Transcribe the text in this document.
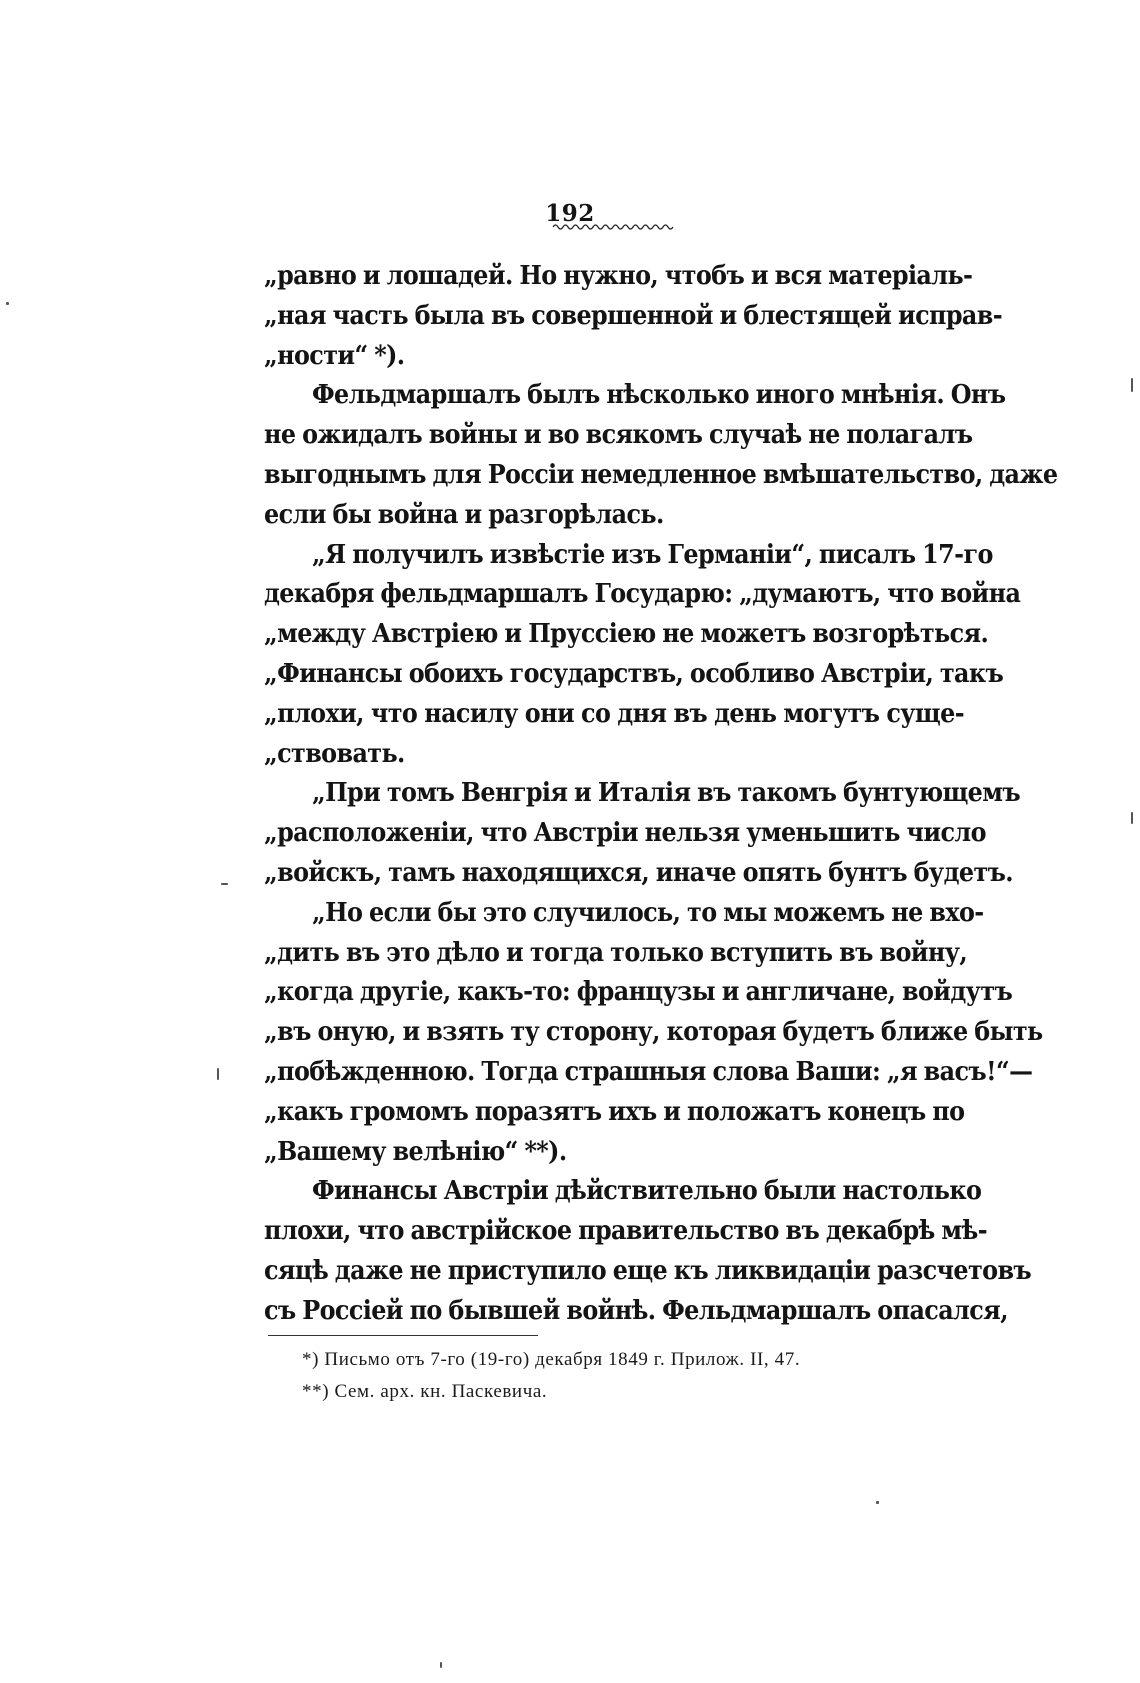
192
„равно и лошадей. Но нужно, чтобъ и вся матеріаль-
„ная часть была въ совершенной и блестящей исправ-
„ности“ *).
Фельдмаршалъ былъ нѣсколько иного мнѣнія. Онъ
не ожидалъ войны и во всякомъ случаѣ не полагалъ
выгоднымъ для Россіи немедленное вмѣшательство, даже
если бы война и разгорѣлась.
„Я получилъ извѣстіе изъ Германіи“, писалъ 17-го
декабря фельдмаршалъ Государю: „думаютъ, что война
„между Австріею и Пруссіею не можетъ возгорѣться.
„Финансы обоихъ государствъ, особливо Австріи, такъ
„плохи, что насилу они со дня въ день могутъ суще-
„ствовать.
„При томъ Венгрія и Италія въ такомъ бунтующемъ
„расположеніи, что Австріи нельзя уменьшить число
„войскъ, тамъ находящихся, иначе опять бунтъ будетъ.
„Но если бы это случилось, то мы можемъ не вхо-
„дить въ это дѣло и тогда только вступить въ войну,
„когда другіе, какъ-то: французы и англичане, войдутъ
„въ оную, и взять ту сторону, которая будетъ ближе быть
„побѣжденною. Тогда страшныя слова Ваши: „я васъ!“—
„какъ громомъ поразятъ ихъ и положатъ конецъ по
„Вашему велѣнію“ **).
Финансы Австріи дѣйствительно были настолько
плохи, что австрійское правительство въ декабрѣ мѣ-
сяцѣ даже не приступило еще къ ликвидаціи разсчетовъ
съ Россіей по бывшей войнѣ. Фельдмаршалъ опасался,
*) Письмо отъ 7-го (19-го) декабря 1849 г. Прилож. II, 47.
**) Сем. арх. кн. Паскевича.
